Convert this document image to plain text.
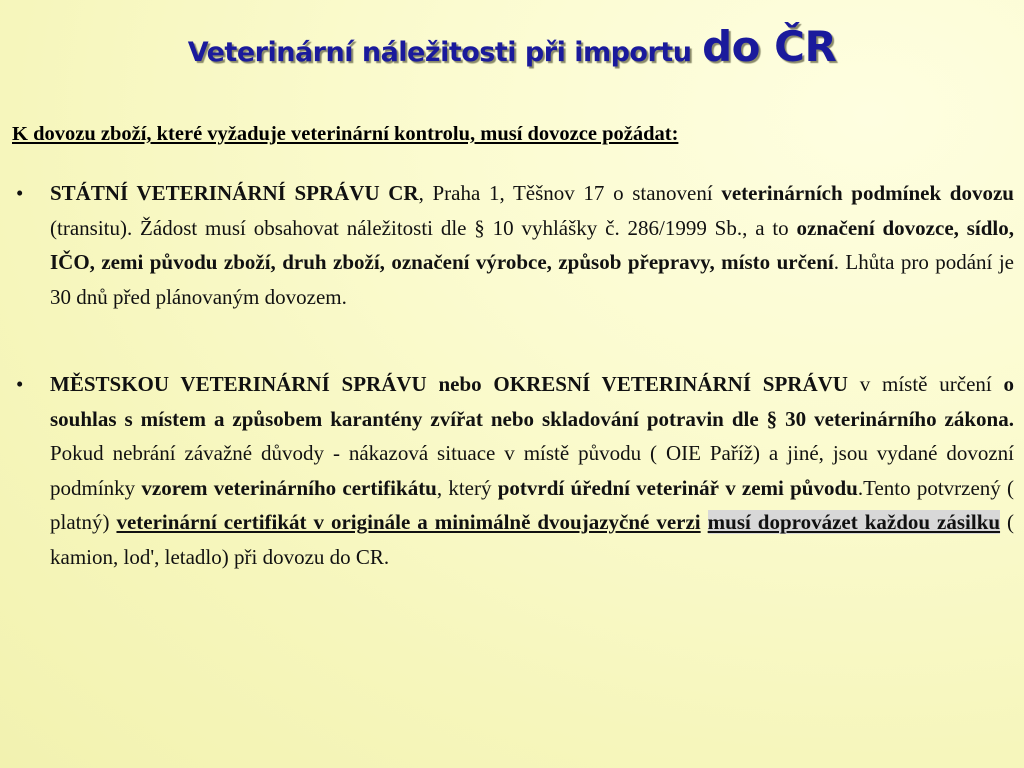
Veterinární náležitosti při importu do ČR
K dovozu zboží, které vyžaduje veterinární kontrolu, musí dovozce požádat:
• STÁTNÍ VETERINÁRNÍ SPRÁVU CR, Praha 1, Těšnov 17 o stanovení veterinárních podmínek dovozu (transitu). Žádost musí obsahovat náležitosti dle § 10 vyhlášky č. 286/1999 Sb., a to označení dovozce, sídlo, IČO, zemi původu zboží, druh zboží, označení výrobce, způsob přepravy, místo určení. Lhůta pro podání je 30 dnů před plánovaným dovozem.
• MĚSTSKOU VETERINÁRNÍ SPRÁVU nebo OKRESNÍ VETERINÁRNÍ SPRÁVU v místě určení o souhlas s místem a způsobem karantény zvířat nebo skladování potravin dle § 30 veterinárního zákona. Pokud nebrání závažné důvody - nákazová situace v místě původu ( OIE Paříž) a jiné, jsou vydané dovozní podmínky vzorem veterinárního certifikátu, který potvrdí úřední veterinář v zemi původu.Tento potvrzený ( platný) veterinární certifikát v originále a minimálně dvoujazyčné verzi musí doprovázet každou zásilku ( kamion, lod', letadlo) při dovozu do CR.
